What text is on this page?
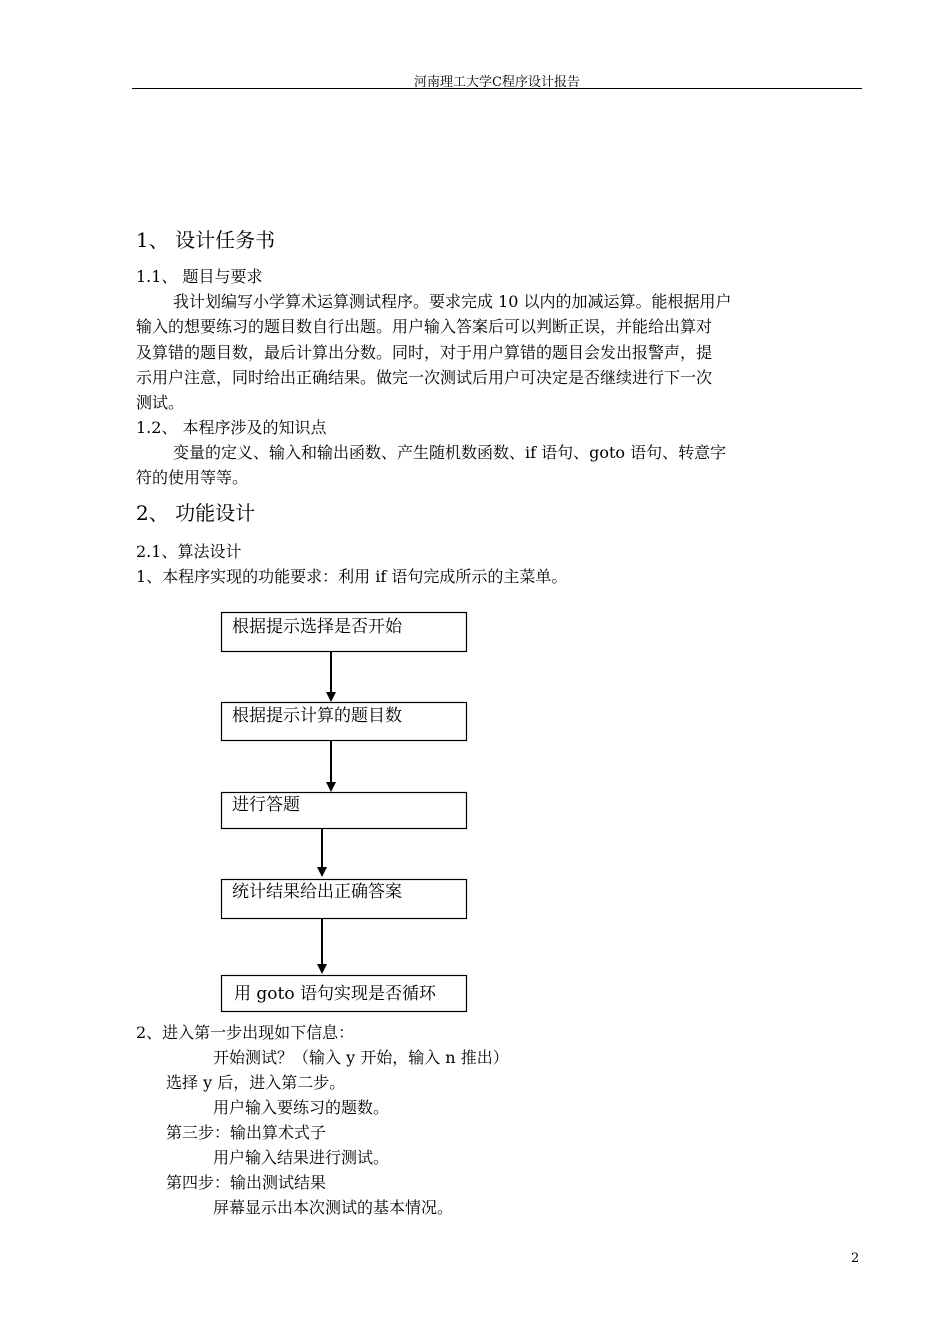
河南理工大学C程序设计报告
1、 设计任务书
1.1、 题目与要求
我计划编写小学算术运算测试程序。要求完成 10 以内的加减运算。能根据用户
输入的想要练习的题目数自行出题。用户输入答案后可以判断正误，并能给出算对
及算错的题目数，最后计算出分数。同时，对于用户算错的题目会发出报警声，提
示用户注意，同时给出正确结果。做完一次测试后用户可决定是否继续进行下一次
测试。
1.2、 本程序涉及的知识点
变量的定义、输入和输出函数、产生随机数函数、if 语句、goto 语句、转意字
符的使用等等。
2、 功能设计
2.1、算法设计
1、本程序实现的功能要求：利用 if 语句完成所示的主菜单。
根据提示选择是否开始
根据提示计算的题目数
进行答题
统计结果给出正确答案
用 goto 语句实现是否循环
2、进入第一步出现如下信息：
开始测试？（输入 y 开始，输入 n 推出）
选择 y 后，进入第二步。
用户输入要练习的题数。
第三步：输出算术式子
用户输入结果进行测试。
第四步：输出测试结果
屏幕显示出本次测试的基本情况。
2
